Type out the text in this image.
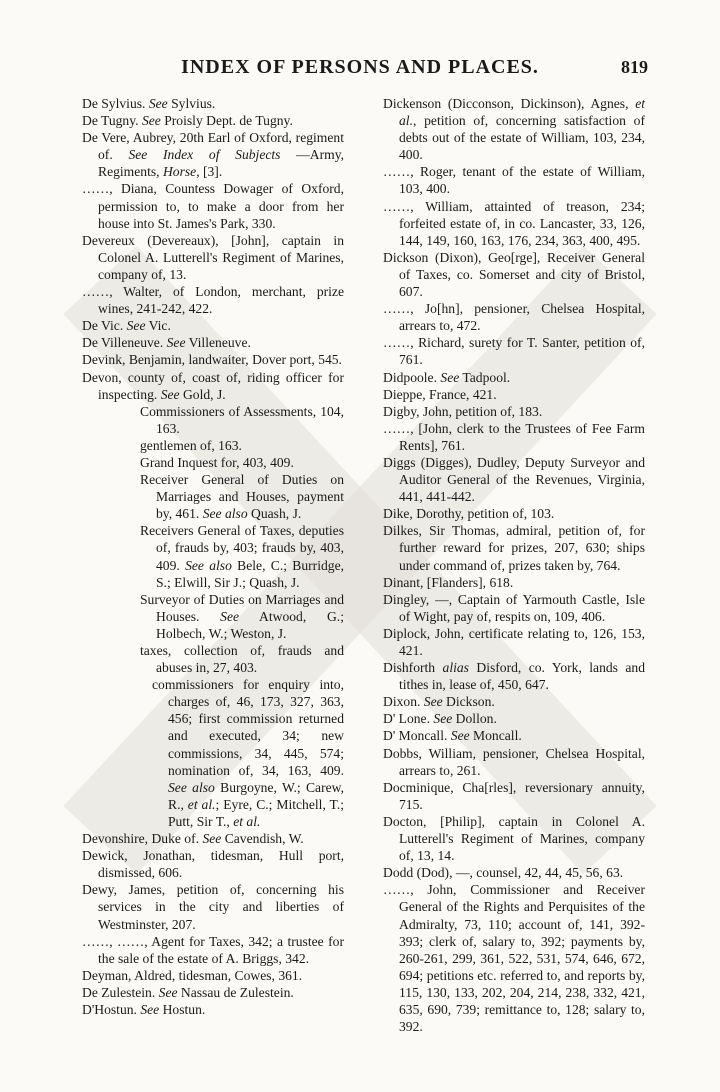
INDEX OF PERSONS AND PLACES.	819

De Sylvius. See Sylvius.

De Tugny. See Proisly Dept. de Tugny.

De Vere, Aubrey, 20th Earl of Oxford, regiment of. See Index of Subjects —Army, Regiments, Horse, [3].

……, Diana, Countess Dowager of Oxford, permission to, to make a door from her house into St. James's Park, 330.

Devereux (Devereaux), [John], captain in Colonel A. Lutterell's Regiment of Marines, company of, 13.

……, Walter, of London, merchant, prize wines, 241-242, 422.

De Vic. See Vic.

De Villeneuve. See Villeneuve.

Devink, Benjamin, landwaiter, Dover port, 545.

Devon, county of, coast of, riding officer for inspecting. See Gold, J.

Commissioners of Assessments, 104, 163.

gentlemen of, 163.

Grand Inquest for, 403, 409.

Receiver General of Duties on Marriages and Houses, payment by, 461. See also Quash, J.

Receivers General of Taxes, deputies of, frauds by, 403; frauds by, 403, 409. See also Bele, C.; Burridge, S.; Elwill, Sir J.; Quash, J.

Surveyor of Duties on Marriages and Houses. See Atwood, G.; Holbech, W.; Weston, J.

taxes, collection of, frauds and abuses in, 27, 403.

commissioners for enquiry into, charges of, 46, 173, 327, 363, 456; first commission returned and executed, 34; new commissions, 34, 445, 574; nomination of, 34, 163, 409. See also Burgoyne, W.; Carew, R., et al.; Eyre, C.; Mitchell, T.; Putt, Sir T., et al.

Devonshire, Duke of. See Cavendish, W.

Dewick, Jonathan, tidesman, Hull port, dismissed, 606.

Dewy, James, petition of, concerning his services in the city and liberties of Westminster, 207.

……, ……, Agent for Taxes, 342; a trustee for the sale of the estate of A. Briggs, 342.

Deyman, Aldred, tidesman, Cowes, 361.

De Zulestein. See Nassau de Zulestein.

D'Hostun. See Hostun.

Dickenson (Dicconson, Dickinson), Agnes, et al., petition of, concerning satisfaction of debts out of the estate of William, 103, 234, 400.

……, Roger, tenant of the estate of William, 103, 400.

……, William, attainted of treason, 234; forfeited estate of, in co. Lancaster, 33, 126, 144, 149, 160, 163, 176, 234, 363, 400, 495.

Dickson (Dixon), Geo[rge], Receiver General of Taxes, co. Somerset and city of Bristol, 607.

……, Jo[hn], pensioner, Chelsea Hospital, arrears to, 472.

……, Richard, surety for T. Santer, petition of, 761.

Didpoole. See Tadpool.

Dieppe, France, 421.

Digby, John, petition of, 183.

……, [John, clerk to the Trustees of Fee Farm Rents], 761.

Diggs (Digges), Dudley, Deputy Surveyor and Auditor General of the Revenues, Virginia, 441, 441-442.

Dike, Dorothy, petition of, 103.

Dilkes, Sir Thomas, admiral, petition of, for further reward for prizes, 207, 630; ships under command of, prizes taken by, 764.

Dinant, [Flanders], 618.

Dingley, —, Captain of Yarmouth Castle, Isle of Wight, pay of, respits on, 109, 406.

Diplock, John, certificate relating to, 126, 153, 421.

Dishforth alias Disford, co. York, lands and tithes in, lease of, 450, 647.

Dixon. See Dickson.

D' Lone. See Dollon.

D' Moncall. See Moncall.

Dobbs, William, pensioner, Chelsea Hospital, arrears to, 261.

Docminique, Cha[rles], reversionary annuity, 715.

Docton, [Philip], captain in Colonel A. Lutterell's Regiment of Marines, company of, 13, 14.

Dodd (Dod), —, counsel, 42, 44, 45, 56, 63.

……, John, Commissioner and Receiver General of the Rights and Perquisites of the Admiralty, 73, 110; account of, 141, 392-393; clerk of, salary to, 392; payments by, 260-261, 299, 361, 522, 531, 574, 646, 672, 694; petitions etc. referred to, and reports by, 115, 130, 133, 202, 204, 214, 238, 332, 421, 635, 690, 739; remittance to, 128; salary to, 392.
